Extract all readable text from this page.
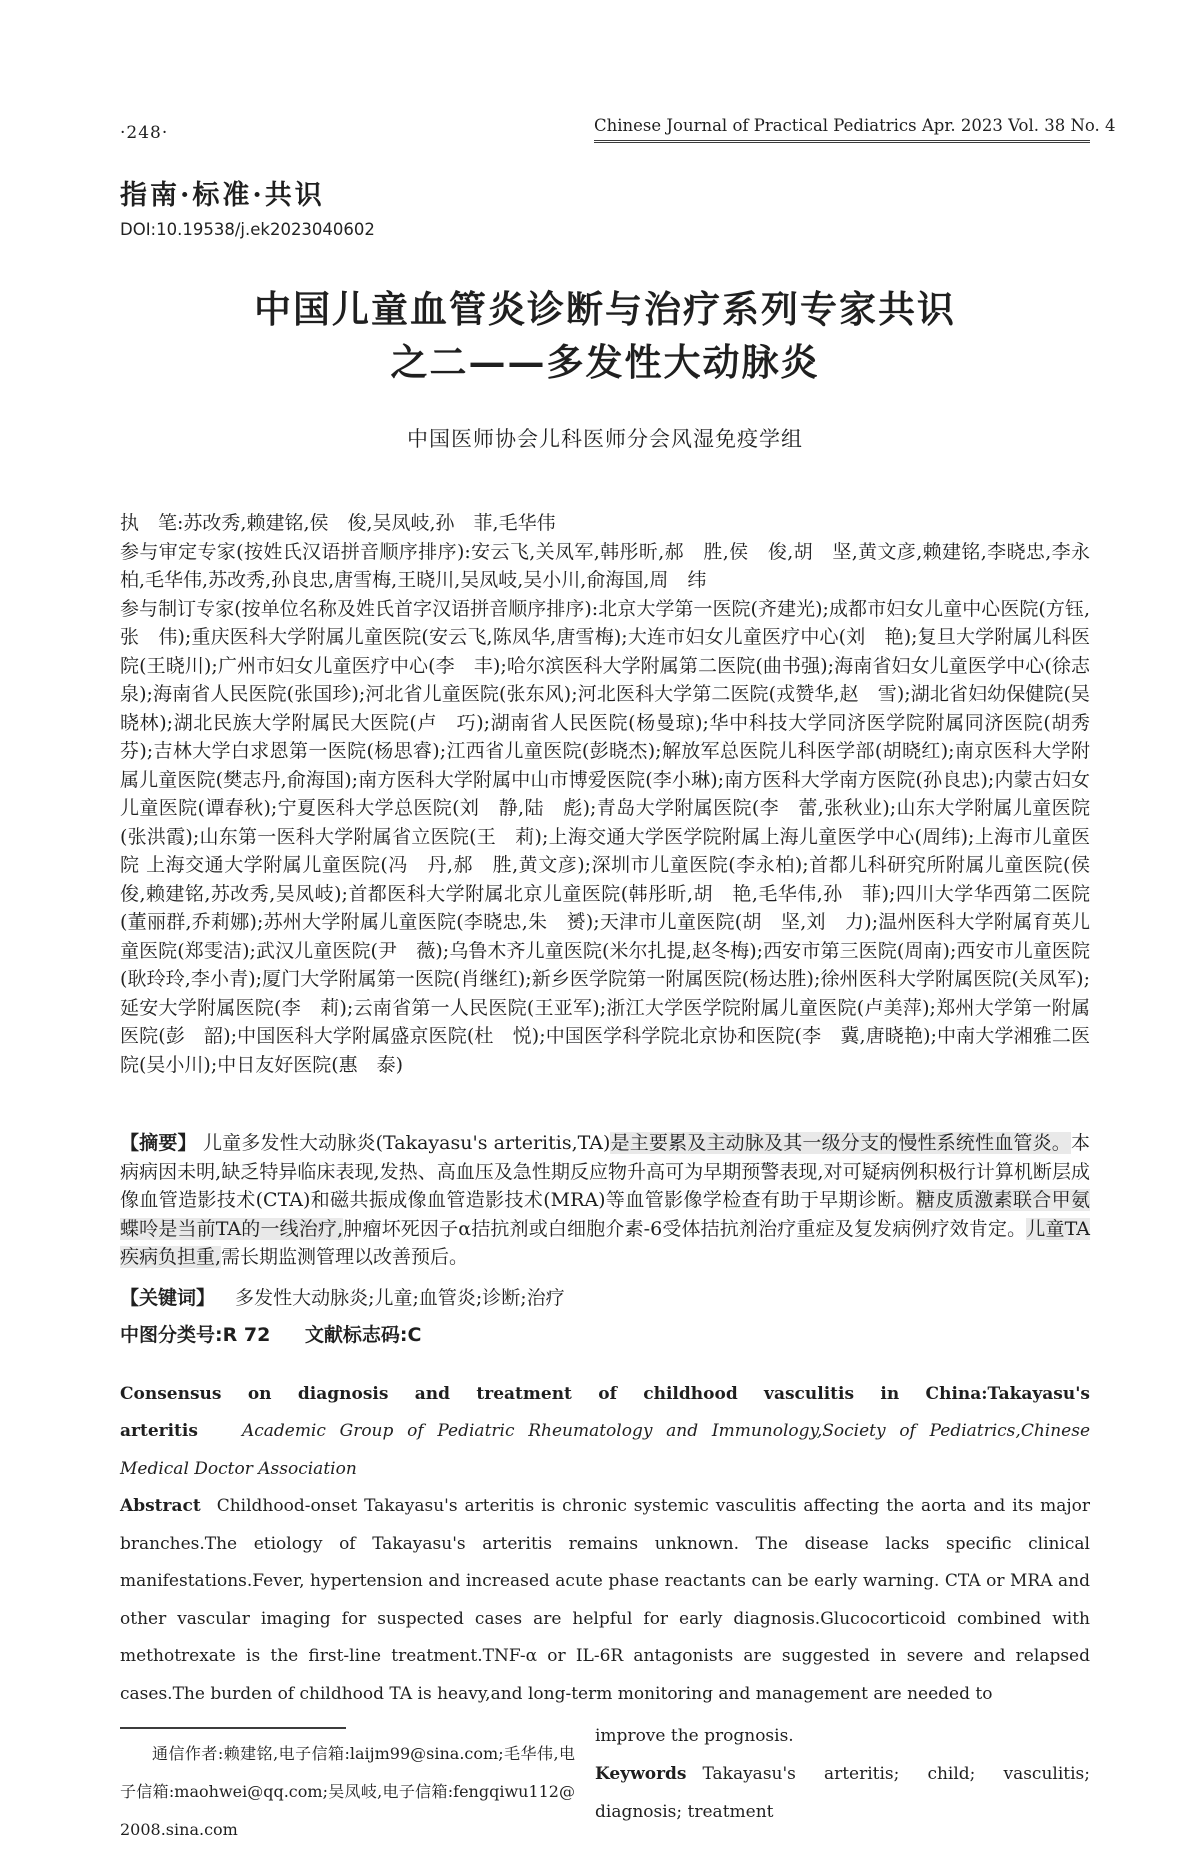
·248·	Chinese Journal of Practical Pediatrics Apr. 2023 Vol. 38 No. 4
指南·标准·共识
DOI:10.19538/j.ek2023040602
中国儿童血管炎诊断与治疗系列专家共识
之二——多发性大动脉炎
中国医师协会儿科医师分会风湿免疫学组

执　笔:苏改秀,赖建铭,侯　俊,吴凤岐,孙　菲,毛华伟

参与审定专家(按姓氏汉语拼音顺序排序):安云飞,关凤军,韩彤昕,郝　胜,侯　俊,胡　坚,黄文彦,赖建铭,李晓忠,李永柏,毛华伟,苏改秀,孙良忠,唐雪梅,王晓川,吴凤岐,吴小川,俞海国,周　纬

参与制订专家(按单位名称及姓氏首字汉语拼音顺序排序):北京大学第一医院(齐建光);成都市妇女儿童中心医院(方钰,张　伟);重庆医科大学附属儿童医院(安云飞,陈凤华,唐雪梅);大连市妇女儿童医疗中心(刘　艳);复旦大学附属儿科医院(王晓川);广州市妇女儿童医疗中心(李　丰);哈尔滨医科大学附属第二医院(曲书强);海南省妇女儿童医学中心(徐志泉);海南省人民医院(张国珍);河北省儿童医院(张东风);河北医科大学第二医院(戎赞华,赵　雪);湖北省妇幼保健院(吴晓林);湖北民族大学附属民大医院(卢　巧);湖南省人民医院(杨曼琼);华中科技大学同济医学院附属同济医院(胡秀芬);吉林大学白求恩第一医院(杨思睿);江西省儿童医院(彭晓杰);解放军总医院儿科医学部(胡晓红);南京医科大学附属儿童医院(樊志丹,俞海国);南方医科大学附属中山市博爱医院(李小琳);南方医科大学南方医院(孙良忠);内蒙古妇女儿童医院(谭春秋);宁夏医科大学总医院(刘　静,陆　彪);青岛大学附属医院(李　蕾,张秋业);山东大学附属儿童医院(张洪霞);山东第一医科大学附属省立医院(王　莉);上海交通大学医学院附属上海儿童医学中心(周纬);上海市儿童医院 上海交通大学附属儿童医院(冯　丹,郝　胜,黄文彦);深圳市儿童医院(李永柏);首都儿科研究所附属儿童医院(侯　俊,赖建铭,苏改秀,吴凤岐);首都医科大学附属北京儿童医院(韩彤昕,胡　艳,毛华伟,孙　菲);四川大学华西第二医院(董丽群,乔莉娜);苏州大学附属儿童医院(李晓忠,朱　赟);天津市儿童医院(胡　坚,刘　力);温州医科大学附属育英儿童医院(郑雯洁);武汉儿童医院(尹　薇);乌鲁木齐儿童医院(米尔扎提,赵冬梅);西安市第三医院(周南);西安市儿童医院(耿玲玲,李小青);厦门大学附属第一医院(肖继红);新乡医学院第一附属医院(杨达胜);徐州医科大学附属医院(关凤军);延安大学附属医院(李　莉);云南省第一人民医院(王亚军);浙江大学医学院附属儿童医院(卢美萍);郑州大学第一附属医院(彭　韶);中国医科大学附属盛京医院(杜　悦);中国医学科学院北京协和医院(李　冀,唐晓艳);中南大学湘雅二医院(吴小川);中日友好医院(惠　泰)

【摘要】 儿童多发性大动脉炎(Takayasu's arteritis,TA)是主要累及主动脉及其一级分支的慢性系统性血管炎。本病病因未明,缺乏特异临床表现,发热、高血压及急性期反应物升高可为早期预警表现,对可疑病例积极行计算机断层成像血管造影技术(CTA)和磁共振成像血管造影技术(MRA)等血管影像学检查有助于早期诊断。糖皮质激素联合甲氨蝶呤是当前TA的一线治疗,肿瘤坏死因子α拮抗剂或白细胞介素-6受体拮抗剂治疗重症及复发病例疗效肯定。儿童TA疾病负担重,需长期监测管理以改善预后。
【关键词】 多发性大动脉炎;儿童;血管炎;诊断;治疗
中图分类号:R 72 文献标志码:C
Consensus on diagnosis and treatment of childhood vasculitis in China:Takayasu's arteritis	Academic Group of Pediatric Rheumatology and Immunology,Society of Pediatrics,Chinese Medical Doctor Association
Abstract Childhood-onset Takayasu's arteritis is chronic systemic vasculitis affecting the aorta and its major branches.The etiology of Takayasu's arteritis remains unknown. The disease lacks specific clinical manifestations.Fever, hypertension and increased acute phase reactants can be early warning. CTA or MRA and other vascular imaging for suspected cases are helpful for early diagnosis.Glucocorticoid combined with methotrexate is the first-line treatment.TNF-α or IL-6R antagonists are suggested in severe and relapsed cases.The burden of childhood TA is heavy,and long-term monitoring and management are needed to

通信作者:赖建铭,电子信箱:laijm99@sina.com;毛华伟,电子信箱:maohwei@qq.com;吴凤岐,电子信箱:fengqiwu112@2008.sina.com

improve the prognosis.

Keywords Takayasu's arteritis; child; vasculitis; diagnosis; treatment
